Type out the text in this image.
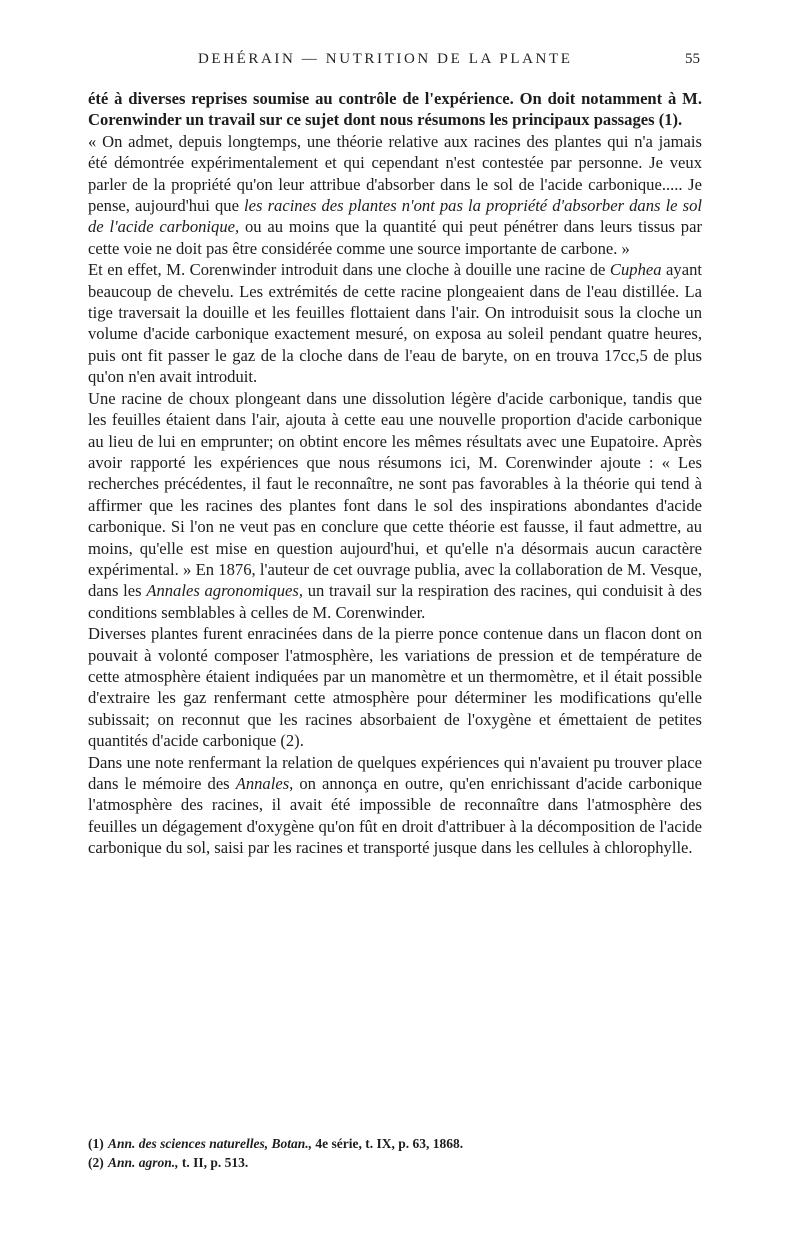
DEHÉRAIN — NUTRITION DE LA PLANTE	55

été à diverses reprises soumise au contrôle de l'expérience. On doit notamment à M. Corenwinder un travail sur ce sujet dont nous résumons les principaux passages (1).

« On admet, depuis longtemps, une théorie relative aux racines des plantes qui n'a jamais été démontrée expérimentalement et qui cependant n'est contestée par personne. Je veux parler de la propriété qu'on leur attribue d'absorber dans le sol de l'acide carbonique..... Je pense, aujourd'hui que les racines des plantes n'ont pas la propriété d'absorber dans le sol de l'acide carbonique, ou au moins que la quantité qui peut pénétrer dans leurs tissus par cette voie ne doit pas être considérée comme une source importante de carbone. »

Et en effet, M. Corenwinder introduit dans une cloche à douille une racine de Cuphea ayant beaucoup de chevelu. Les extrémités de cette racine plongeaient dans de l'eau distillée. La tige traversait la douille et les feuilles flottaient dans l'air. On introduisit sous la cloche un volume d'acide carbonique exactement mesuré, on exposa au soleil pendant quatre heures, puis ont fit passer le gaz de la cloche dans de l'eau de baryte, on en trouva 17cc,5 de plus qu'on n'en avait introduit.

Une racine de choux plongeant dans une dissolution légère d'acide carbonique, tandis que les feuilles étaient dans l'air, ajouta à cette eau une nouvelle proportion d'acide carbonique au lieu de lui en emprunter; on obtint encore les mêmes résultats avec une Eupatoire. Après avoir rapporté les expériences que nous résumons ici, M. Corenwinder ajoute : « Les recherches précédentes, il faut le reconnaître, ne sont pas favorables à la théorie qui tend à affirmer que les racines des plantes font dans le sol des inspirations abondantes d'acide carbonique. Si l'on ne veut pas en conclure que cette théorie est fausse, il faut admettre, au moins, qu'elle est mise en question aujourd'hui, et qu'elle n'a désormais aucun caractère expérimental. » En 1876, l'auteur de cet ouvrage publia, avec la collaboration de M. Vesque, dans les Annales agronomiques, un travail sur la respiration des racines, qui conduisit à des conditions semblables à celles de M. Corenwinder.

Diverses plantes furent enracinées dans de la pierre ponce contenue dans un flacon dont on pouvait à volonté composer l'atmosphère, les variations de pression et de température de cette atmosphère étaient indiquées par un manomètre et un thermomètre, et il était possible d'extraire les gaz renfermant cette atmosphère pour déterminer les modifications qu'elle subissait; on reconnut que les racines absorbaient de l'oxygène et émettaient de petites quantités d'acide carbonique (2).

Dans une note renfermant la relation de quelques expériences qui n'avaient pu trouver place dans le mémoire des Annales, on annonça en outre, qu'en enrichissant d'acide carbonique l'atmosphère des racines, il avait été impossible de reconnaître dans l'atmosphère des feuilles un dégagement d'oxygène qu'on fût en droit d'attribuer à la décomposition de l'acide carbonique du sol, saisi par les racines et transporté jusque dans les cellules à chlorophylle.

(1) Ann. des sciences naturelles, Botan., 4e série, t. IX, p. 63, 1868.
(2) Ann. agron., t. II, p. 513.
